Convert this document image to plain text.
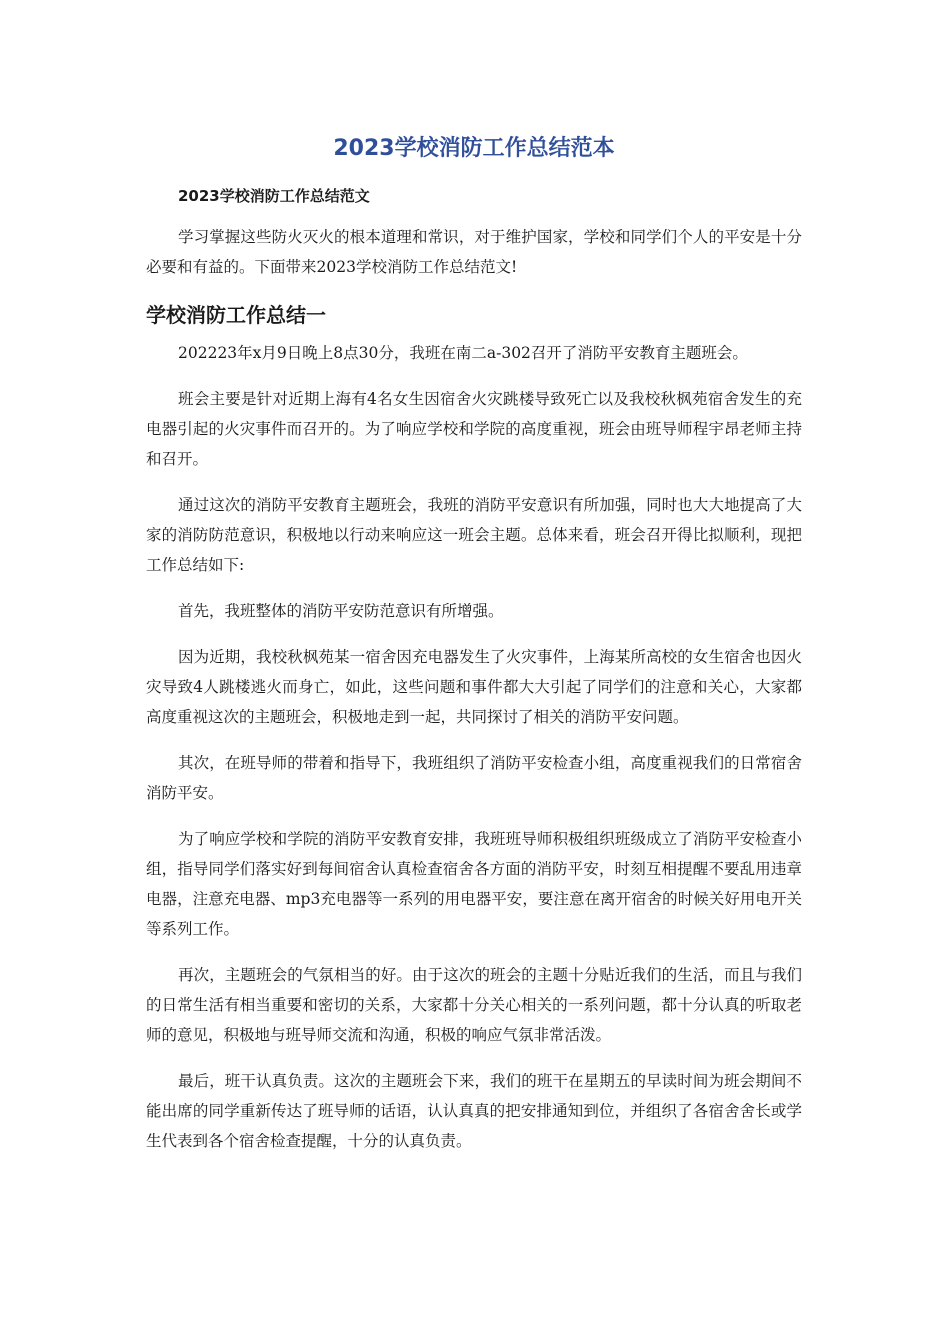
2023学校消防工作总结范本

2023学校消防工作总结范文

学习掌握这些防火灭火的根本道理和常识，对于维护国家，学校和同学们个人的平安是十分必要和有益的。下面带来2023学校消防工作总结范文!

学校消防工作总结一

202223年x月9日晚上8点30分，我班在南二a-302召开了消防平安教育主题班会。

班会主要是针对近期上海有4名女生因宿舍火灾跳楼导致死亡以及我校秋枫苑宿舍发生的充电器引起的火灾事件而召开的。为了响应学校和学院的高度重视，班会由班导师程宇昂老师主持和召开。

通过这次的消防平安教育主题班会，我班的消防平安意识有所加强，同时也大大地提高了大家的消防防范意识，积极地以行动来响应这一班会主题。总体来看，班会召开得比拟顺利，现把工作总结如下:

首先，我班整体的消防平安防范意识有所增强。

因为近期，我校秋枫苑某一宿舍因充电器发生了火灾事件，上海某所高校的女生宿舍也因火灾导致4人跳楼逃火而身亡，如此，这些问题和事件都大大引起了同学们的注意和关心，大家都高度重视这次的主题班会，积极地走到一起，共同探讨了相关的消防平安问题。

其次，在班导师的带着和指导下，我班组织了消防平安检查小组，高度重视我们的日常宿舍消防平安。

为了响应学校和学院的消防平安教育安排，我班班导师积极组织班级成立了消防平安检查小组，指导同学们落实好到每间宿舍认真检查宿舍各方面的消防平安，时刻互相提醒不要乱用违章电器，注意充电器、mp3充电器等一系列的用电器平安，要注意在离开宿舍的时候关好用电开关等系列工作。

再次，主题班会的气氛相当的好。由于这次的班会的主题十分贴近我们的生活，而且与我们的日常生活有相当重要和密切的关系，大家都十分关心相关的一系列问题，都十分认真的听取老师的意见，积极地与班导师交流和沟通，积极的响应气氛非常活泼。

最后，班干认真负责。这次的主题班会下来，我们的班干在星期五的早读时间为班会期间不能出席的同学重新传达了班导师的话语，认认真真的把安排通知到位，并组织了各宿舍舍长或学生代表到各个宿舍检查提醒，十分的认真负责。
